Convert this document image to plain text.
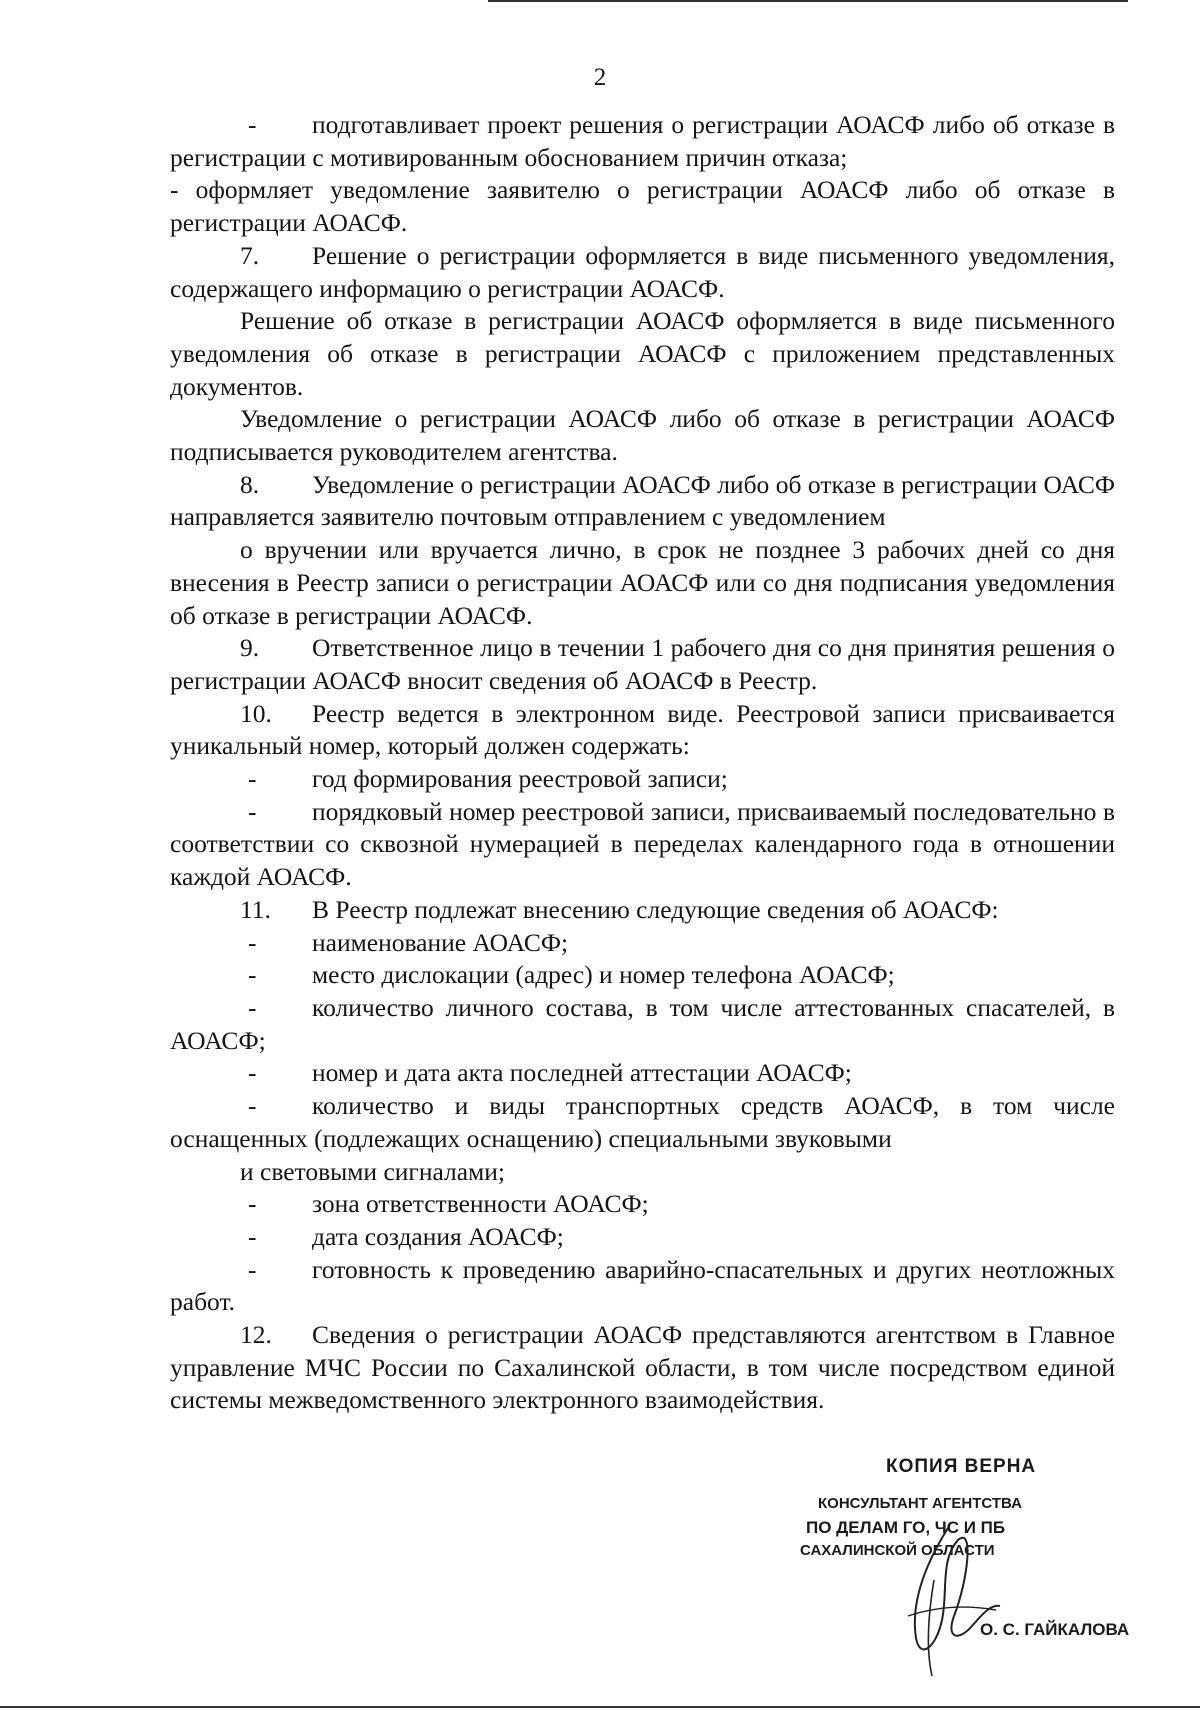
2

- подготавливает проект решения о регистрации АОАСФ либо об отказе в регистрации с мотивированным обоснованием причин отказа;

- оформляет уведомление заявителю о регистрации АОАСФ либо об отказе в регистрации АОАСФ.

7. Решение о регистрации оформляется в виде письменного уведомления, содержащего информацию о регистрации АОАСФ.

Решение об отказе в регистрации АОАСФ оформляется в виде письменного уведомления об отказе в регистрации АОАСФ с приложением представленных документов.

Уведомление о регистрации АОАСФ либо об отказе в регистрации АОАСФ подписывается руководителем агентства.

8. Уведомление о регистрации АОАСФ либо об отказе в регистрации ОАСФ направляется заявителю почтовым отправлением с уведомлением

о вручении или вручается лично, в срок не позднее 3 рабочих дней со дня внесения в Реестр записи о регистрации АОАСФ или со дня подписания уведомления об отказе в регистрации АОАСФ.

9. Ответственное лицо в течении 1 рабочего дня со дня принятия решения о регистрации АОАСФ вносит сведения об АОАСФ в Реестр.

10. Реестр ведется в электронном виде. Реестровой записи присваивается уникальный номер, который должен содержать:

- год формирования реестровой записи;

- порядковый номер реестровой записи, присваиваемый последовательно в соответствии со сквозной нумерацией в переделах календарного года в отношении каждой АОАСФ.

11. В Реестр подлежат внесению следующие сведения об АОАСФ:

- наименование АОАСФ;

- место дислокации (адрес) и номер телефона АОАСФ;

- количество личного состава, в том числе аттестованных спасателей, в АОАСФ;

- номер и дата акта последней аттестации АОАСФ;

- количество и виды транспортных средств АОАСФ, в том числе оснащенных (подлежащих оснащению) специальными звуковыми

и световыми сигналами;

- зона ответственности АОАСФ;

- дата создания АОАСФ;

- готовность к проведению аварийно-спасательных и других неотложных работ.

12. Сведения о регистрации АОАСФ представляются агентством в Главное управление МЧС России по Сахалинской области, в том числе посредством единой системы межведомственного электронного взаимодействия.

КОПИЯ ВЕРНА
КОНСУЛЬТАНТ АГЕНТСТВА
ПО ДЕЛАМ ГО, ЧС И ПБ
САХАЛИНСКОЙ ОБЛАСТИ
О. С. ГАЙКАЛОВА
